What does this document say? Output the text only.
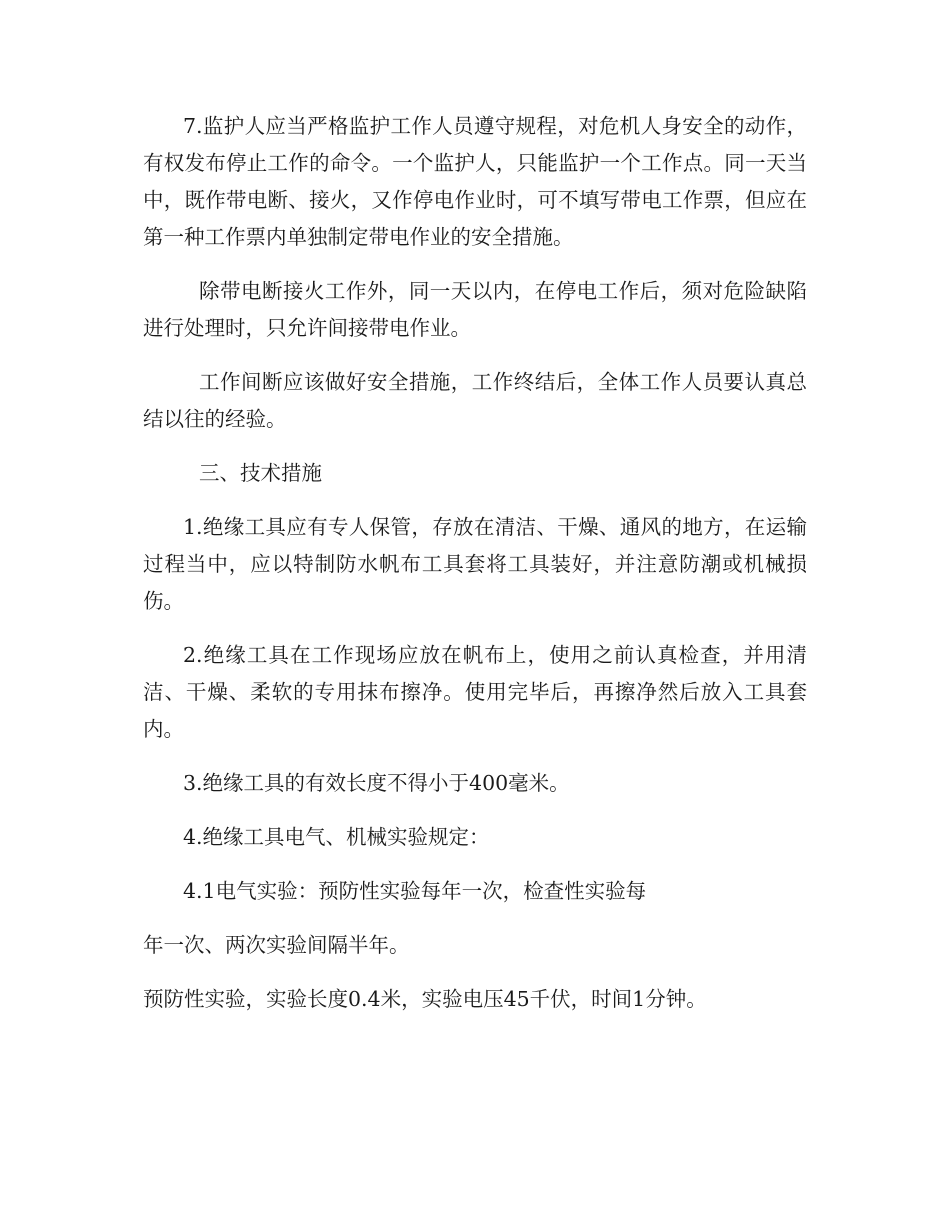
7.监护人应当严格监护工作人员遵守规程，对危机人身安全的动作，有权发布停止工作的命令。一个监护人，只能监护一个工作点。同一天当中，既作带电断、接火，又作停电作业时，可不填写带电工作票，但应在第一种工作票内单独制定带电作业的安全措施。

除带电断接火工作外，同一天以内，在停电工作后，须对危险缺陷进行处理时，只允许间接带电作业。

工作间断应该做好安全措施，工作终结后，全体工作人员要认真总结以往的经验。

三、技术措施

1.绝缘工具应有专人保管，存放在清洁、干燥、通风的地方，在运输过程当中，应以特制防水帆布工具套将工具装好，并注意防潮或机械损伤。

2.绝缘工具在工作现场应放在帆布上，使用之前认真检查，并用清洁、干燥、柔软的专用抹布擦净。使用完毕后，再擦净然后放入工具套内。

3.绝缘工具的有效长度不得小于400毫米。

4.绝缘工具电气、机械实验规定：

4.1电气实验：预防性实验每年一次，检查性实验每

年一次、两次实验间隔半年。

预防性实验，实验长度0.4米，实验电压45千伏，时间1分钟。
